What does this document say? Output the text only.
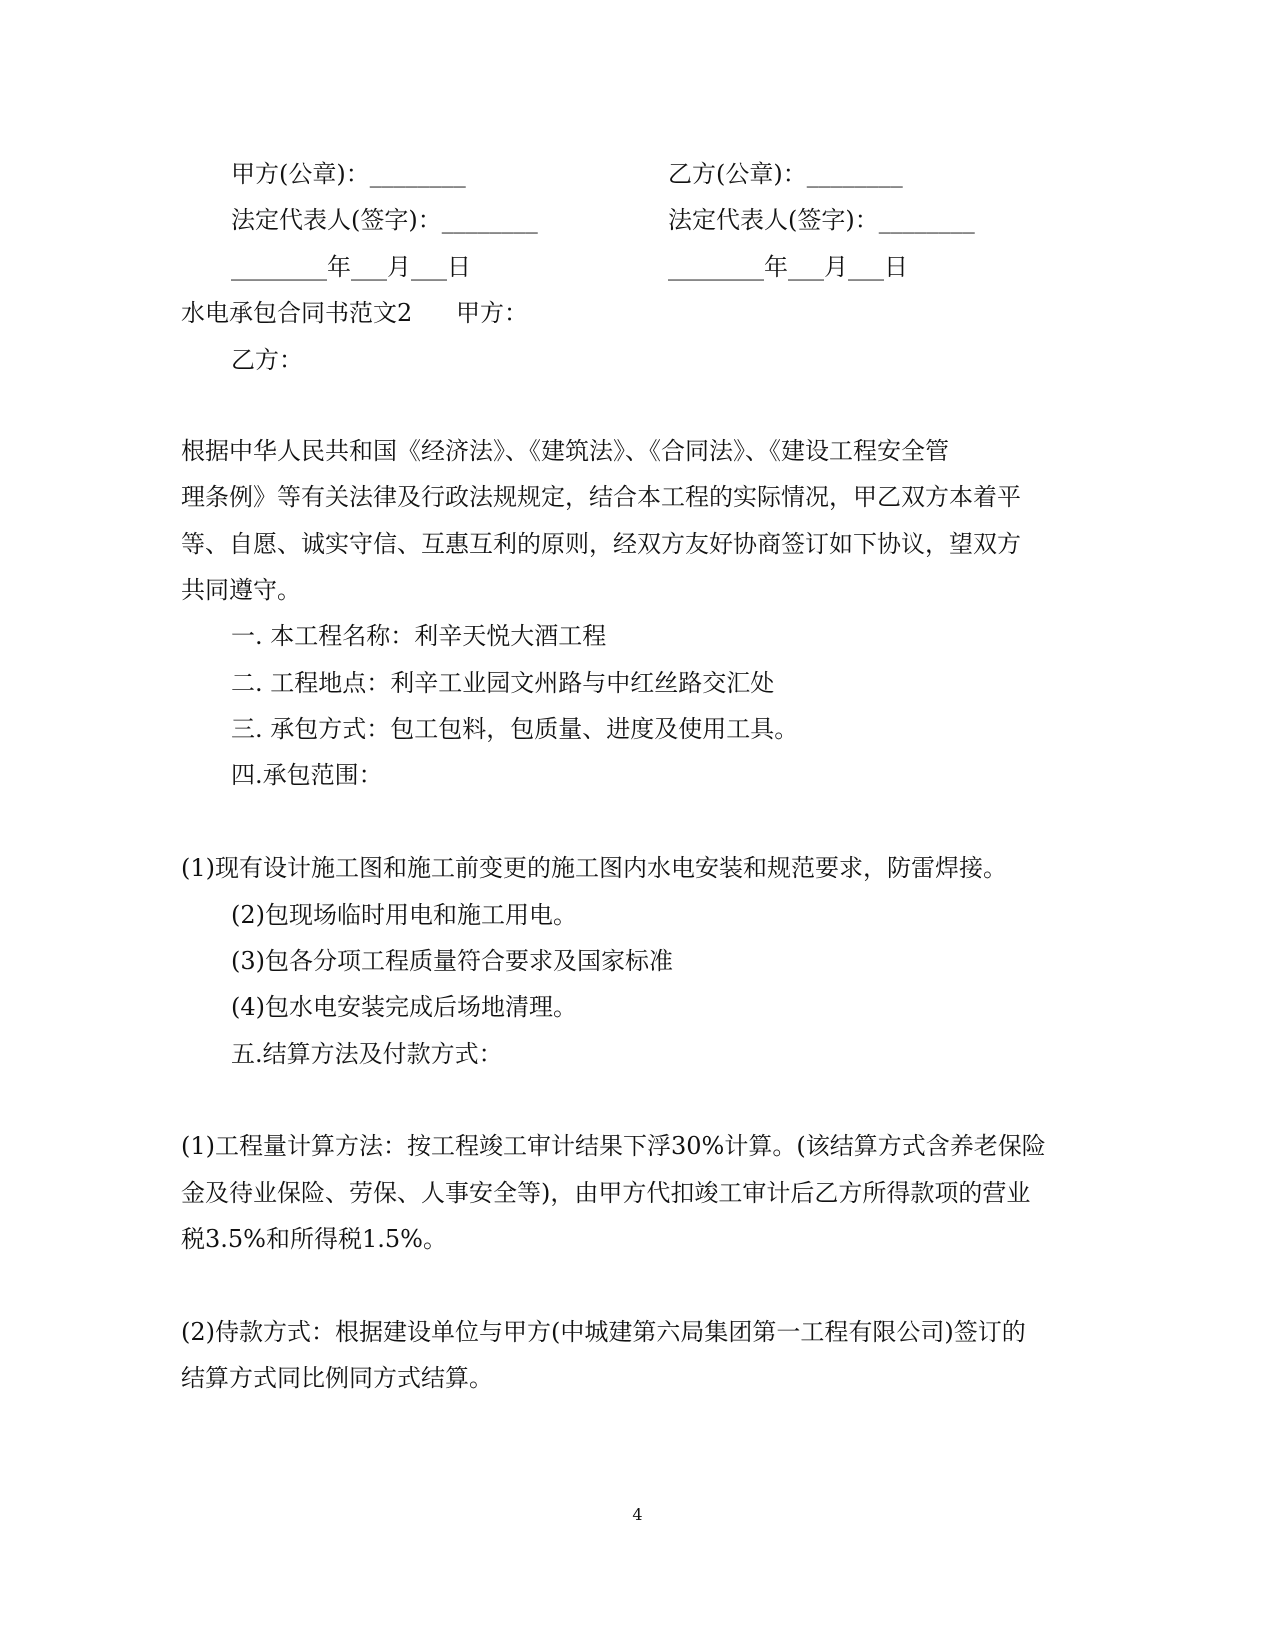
甲方(公章)：________	乙方(公章)：________
法定代表人(签字)：________	法定代表人(签字)：________
________年___月___日	________年___月___日
水电承包合同书范文2 甲方：
乙方：
根据中华人民共和国《经济法》、《建筑法》、《合同法》、《建设工程安全管
理条例》等有关法律及行政法规规定，结合本工程的实际情况，甲乙双方本着平
等、自愿、诚实守信、互惠互利的原则，经双方友好协商签订如下协议，望双方
共同遵守。
一. 本工程名称：利辛天悦大酒工程
二. 工程地点：利辛工业园文州路与中红丝路交汇处
三. 承包方式：包工包料，包质量、进度及使用工具。
四.承包范围：
(1)现有设计施工图和施工前变更的施工图内水电安装和规范要求，防雷焊接。
(2)包现场临时用电和施工用电。
(3)包各分项工程质量符合要求及国家标准
(4)包水电安装完成后场地清理。
五.结算方法及付款方式：
(1)工程量计算方法：按工程竣工审计结果下浮30%计算。(该结算方式含养老保险
金及待业保险、劳保、人事安全等)，由甲方代扣竣工审计后乙方所得款项的营业
税3.5%和所得税1.5%。
(2)侍款方式：根据建设单位与甲方(中城建第六局集团第一工程有限公司)签订的
结算方式同比例同方式结算。
4
